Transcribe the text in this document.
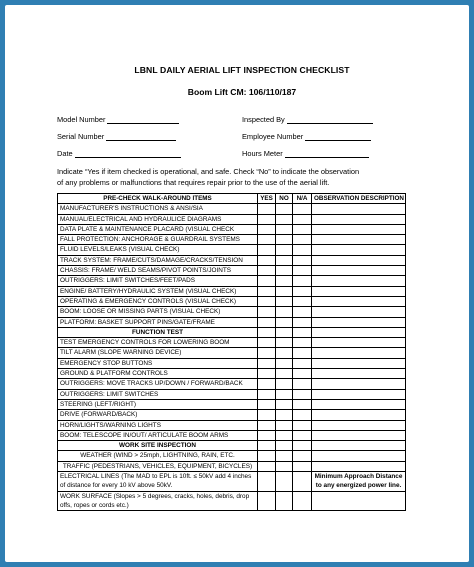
LBNL DAILY AERIAL LIFT INSPECTION CHECKLIST
Boom Lift CM: 106/110/187
Model Number	Inspected By
Serial Number	Employee Number
Date	Hours Meter
Indicate “Yes if item checked is operational, and safe. Check “No” to indicate the observation
of any problems or malfunctions that requires repair prior to the use of the aerial lift.
PRE-CHECK WALK-AROUND ITEMS	YES	NO	N/A	OBSERVATION DESCRIPTION
MANUFACTURER'S INSTRUCTIONS & ANSI/SIA				
MANUAL/ELECTRICAL AND HYDRAULICE DIAGRAMS				
DATA PLATE & MAINTENANCE PLACARD (VISUAL CHECK				
FALL PROTECTION: ANCHORAGE & GUARDRAIL SYSTEMS				
FLUID LEVELS/LEAKS (VISUAL CHECK)				
TRACK SYSTEM: FRAME/CUTS/DAMAGE/CRACKS/TENSION				
CHASSIS: FRAME/ WELD SEAMS/PIVOT POINTS/JOINTS				
OUTRIGGERS: LIMIT SWITCHES/FEET/PADS				
ENGINE/ BATTERY/HYDRAULIC SYSTEM (VISUAL CHECK)				
OPERATING & EMERGENCY CONTROLS (VISUAL CHECK)				
BOOM: LOOSE OR MISSING PARTS (VISUAL CHECK)				
PLATFORM: BASKET SUPPORT PINS/GATE/FRAME				
FUNCTION TEST				
TEST EMERGENCY CONTROLS FOR LOWERING BOOM				
TILT ALARM (SLOPE WARNING DEVICE)				
EMERGENCY STOP BUTTONS				
GROUND & PLATFORM CONTROLS				
OUTRIGGERS: MOVE TRACKS UP/DOWN / FORWARD/BACK				
OUTRIGGERS: LIMIT SWITCHES				
STEERING (LEFT/RIGHT)				
DRIVE (FORWARD/BACK)				
HORN/LIGHTS/WARNING LIGHTS				
BOOM: TELESCOPE IN/OUT/ ARTICULATE BOOM ARMS				
WORK SITE INSPECTION				
WEATHER (WIND > 25mph, LIGHTNING, RAIN, ETC.				
TRAFFIC (PEDESTRIANS, VEHICLES, EQUIPMENT, BICYCLES)				
ELECTRICAL LINES (The MAD to EPL is 10ft. ≤ 50kV add 4 inches of distance for every 10 kV above 50kV.				Minimum Approach Distance to any energized power line.
WORK SURFACE (Slopes > 5 degrees, cracks, holes, debris, drop offs, ropes or cords etc.)				
